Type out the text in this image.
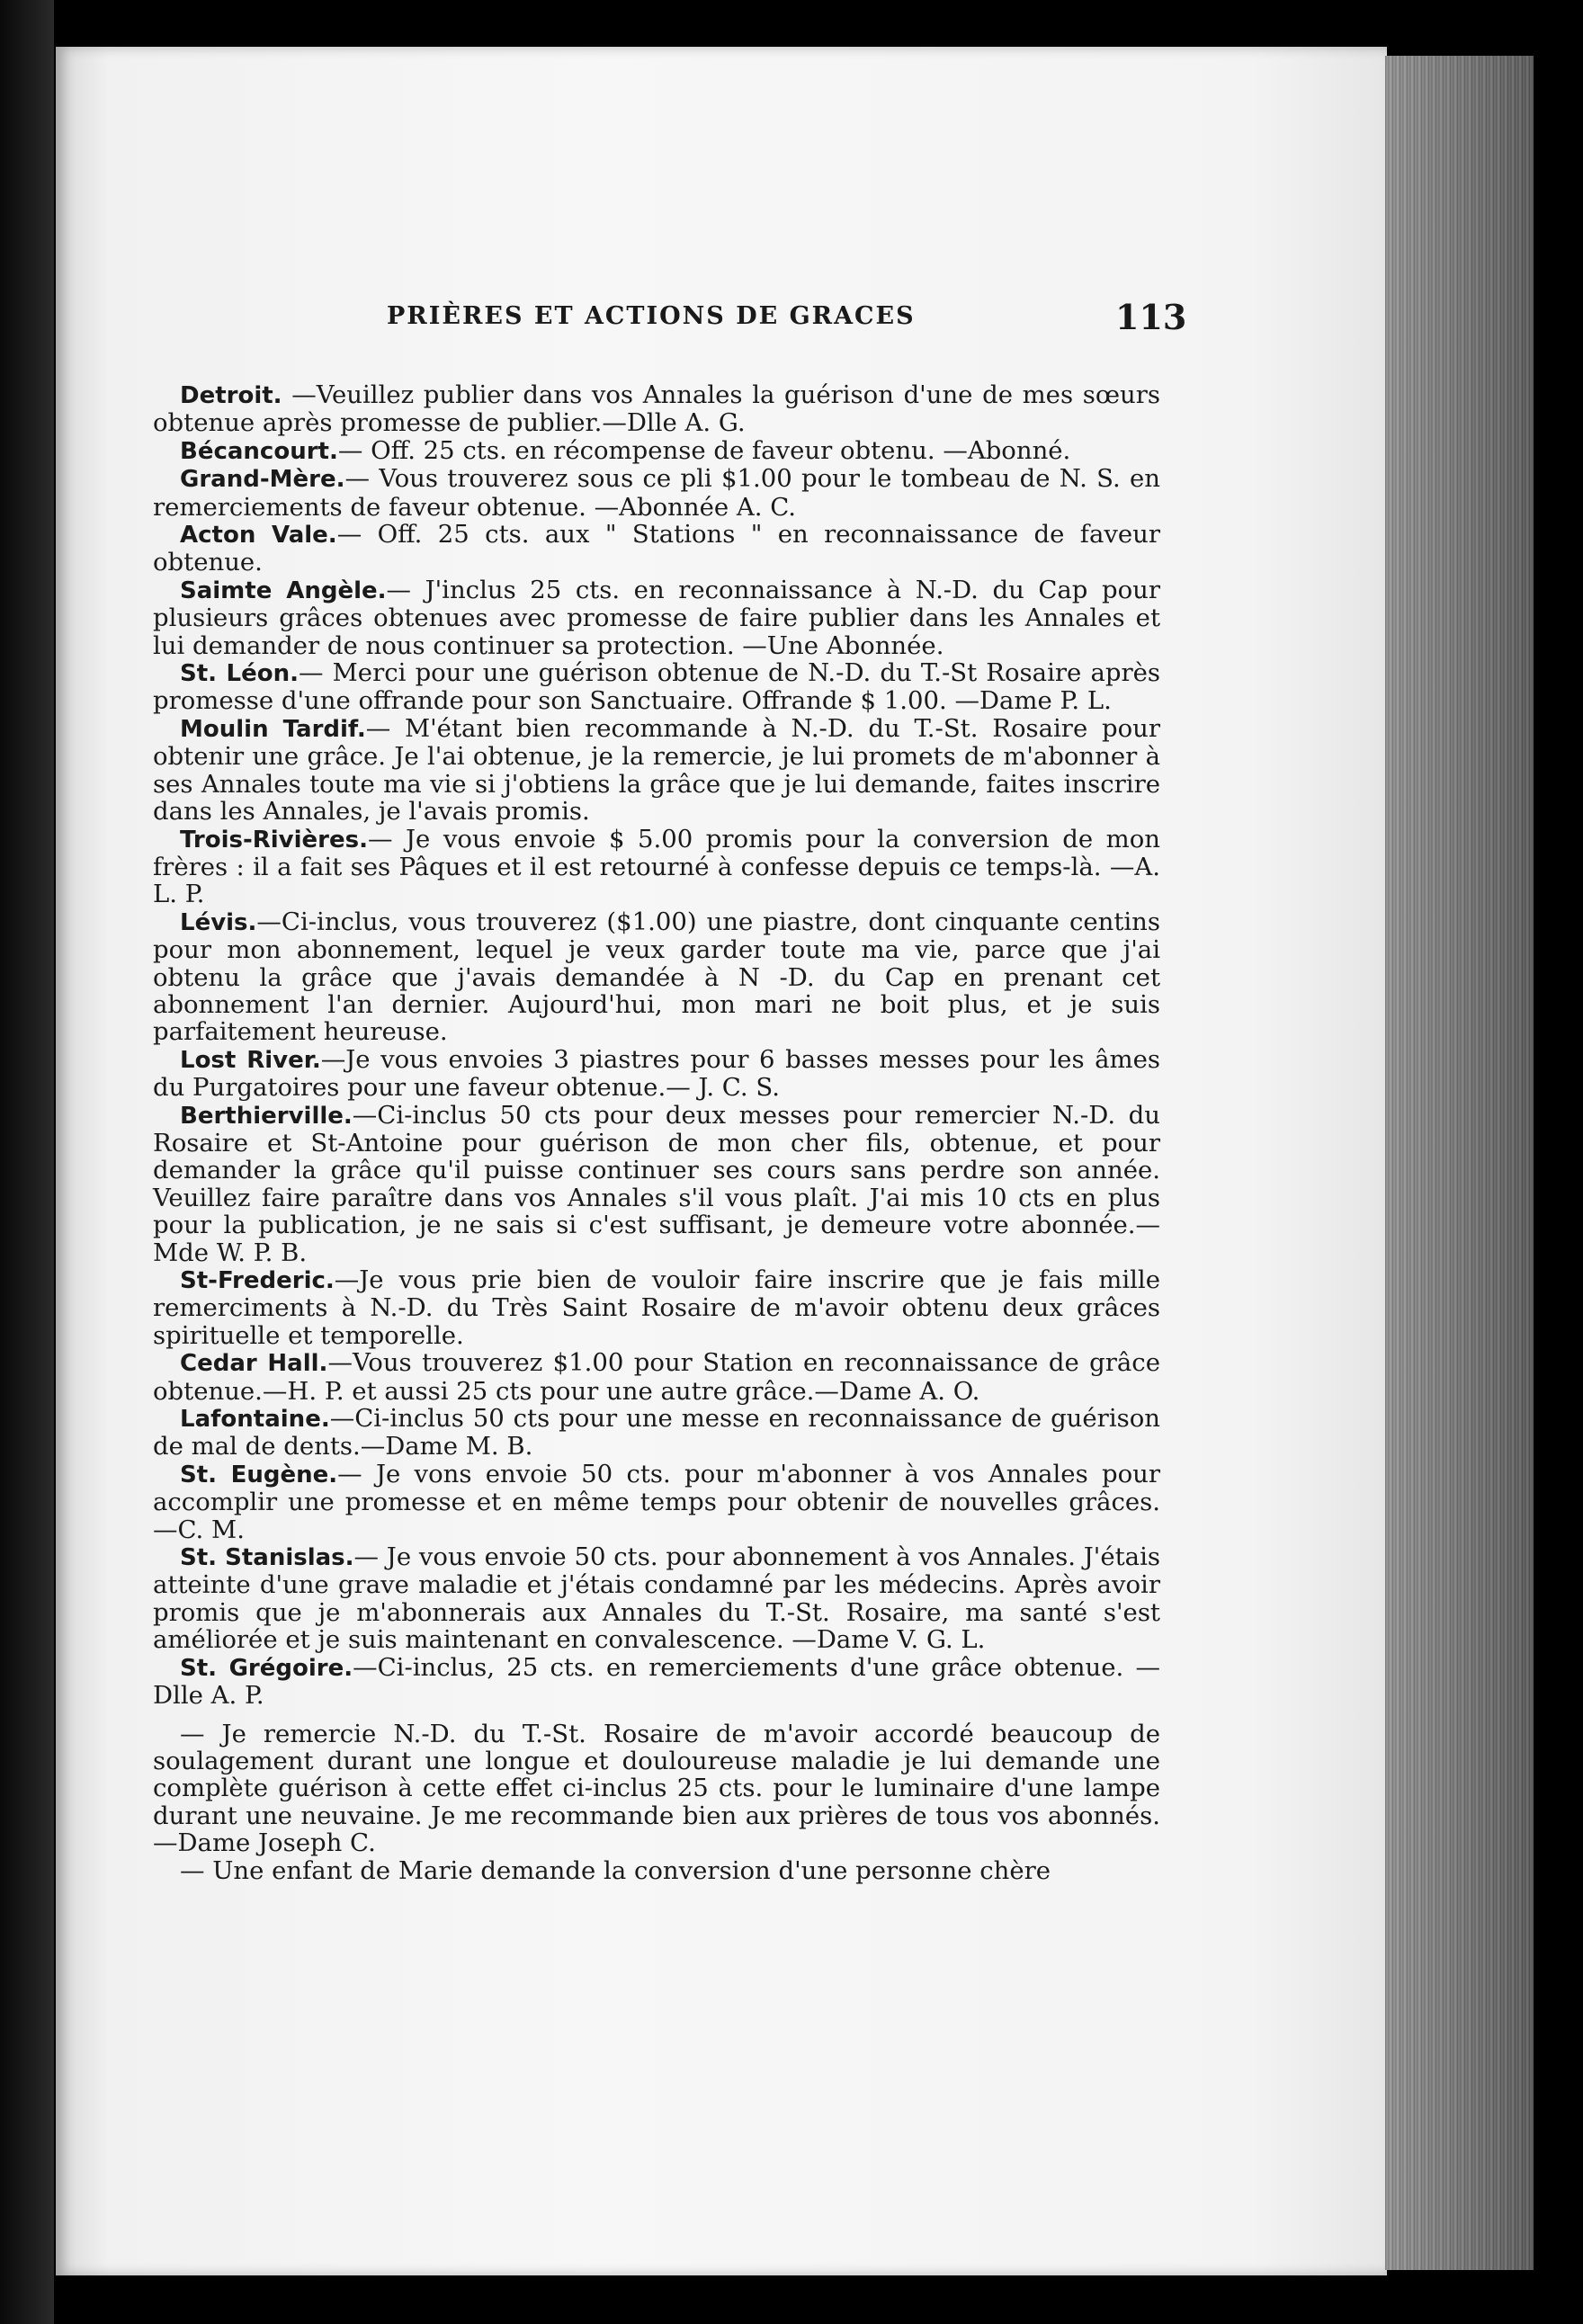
PRIÈRES ET ACTIONS DE GRACES	113

Detroit. —Veuillez publier dans vos Annales la guérison d'une de mes sœurs obtenue après promesse de publier.—Dlle A. G.

Bécancourt.— Off. 25 cts. en récompense de faveur obtenu. —Abonné.

Grand-Mère.— Vous trouverez sous ce pli $1.00 pour le tombeau de N. S. en remerciements de faveur obtenue. —Abonnée A. C.

Acton Vale.— Off. 25 cts. aux " Stations " en reconnaissance de faveur obtenue.

Saimte Angèle.— J'inclus 25 cts. en reconnaissance à N.-D. du Cap pour plusieurs grâces obtenues avec promesse de faire publier dans les Annales et lui demander de nous continuer sa protection. —Une Abonnée.

St. Léon.— Merci pour une guérison obtenue de N.-D. du T.-St Rosaire après promesse d'une offrande pour son Sanctuaire. Offrande $ 1.00. —Dame P. L.

Moulin Tardif.— M'étant bien recommande à N.-D. du T.-St. Rosaire pour obtenir une grâce. Je l'ai obtenue, je la remercie, je lui promets de m'abonner à ses Annales toute ma vie si j'obtiens la grâce que je lui demande, faites inscrire dans les Annales, je l'avais promis.

Trois-Rivières.— Je vous envoie $ 5.00 promis pour la conversion de mon frères : il a fait ses Pâques et il est retourné à confesse depuis ce temps-là. —A. L. P.

Lévis.—Ci-inclus, vous trouverez ($1.00) une piastre, dont cinquante centins pour mon abonnement, lequel je veux garder toute ma vie, parce que j'ai obtenu la grâce que j'avais demandée à N -D. du Cap en prenant cet abonnement l'an dernier. Aujourd'hui, mon mari ne boit plus, et je suis parfaitement heureuse.

Lost River.—Je vous envoies 3 piastres pour 6 basses messes pour les âmes du Purgatoires pour une faveur obtenue.— J. C. S.

Berthierville.—Ci-inclus 50 cts pour deux messes pour remercier N.-D. du Rosaire et St-Antoine pour guérison de mon cher fils, obtenue, et pour demander la grâce qu'il puisse continuer ses cours sans perdre son année. Veuillez faire paraître dans vos Annales s'il vous plaît. J'ai mis 10 cts en plus pour la publication, je ne sais si c'est suffisant, je demeure votre abonnée.—Mde W. P. B.

St-Frederic.—Je vous prie bien de vouloir faire inscrire que je fais mille remerciments à N.-D. du Très Saint Rosaire de m'avoir obtenu deux grâces spirituelle et temporelle.

Cedar Hall.—Vous trouverez $1.00 pour Station en reconnaissance de grâce obtenue.—H. P. et aussi 25 cts pour une autre grâce.—Dame A. O.

Lafontaine.—Ci-inclus 50 cts pour une messe en reconnaissance de guérison de mal de dents.—Dame M. B.

St. Eugène.— Je vons envoie 50 cts. pour m'abonner à vos Annales pour accomplir une promesse et en même temps pour obtenir de nouvelles grâces. —C. M.

St. Stanislas.— Je vous envoie 50 cts. pour abonnement à vos Annales. J'étais atteinte d'une grave maladie et j'étais condamné par les médecins. Après avoir promis que je m'abonnerais aux Annales du T.-St. Rosaire, ma santé s'est améliorée et je suis maintenant en convalescence. —Dame V. G. L.

St. Grégoire.—Ci-inclus, 25 cts. en remerciements d'une grâce obtenue. —Dlle A. P.

— Je remercie N.-D. du T.-St. Rosaire de m'avoir accordé beaucoup de soulagement durant une longue et douloureuse maladie je lui demande une complète guérison à cette effet ci-inclus 25 cts. pour le luminaire d'une lampe durant une neuvaine. Je me recommande bien aux prières de tous vos abonnés. —Dame Joseph C.

— Une enfant de Marie demande la conversion d'une personne chère
